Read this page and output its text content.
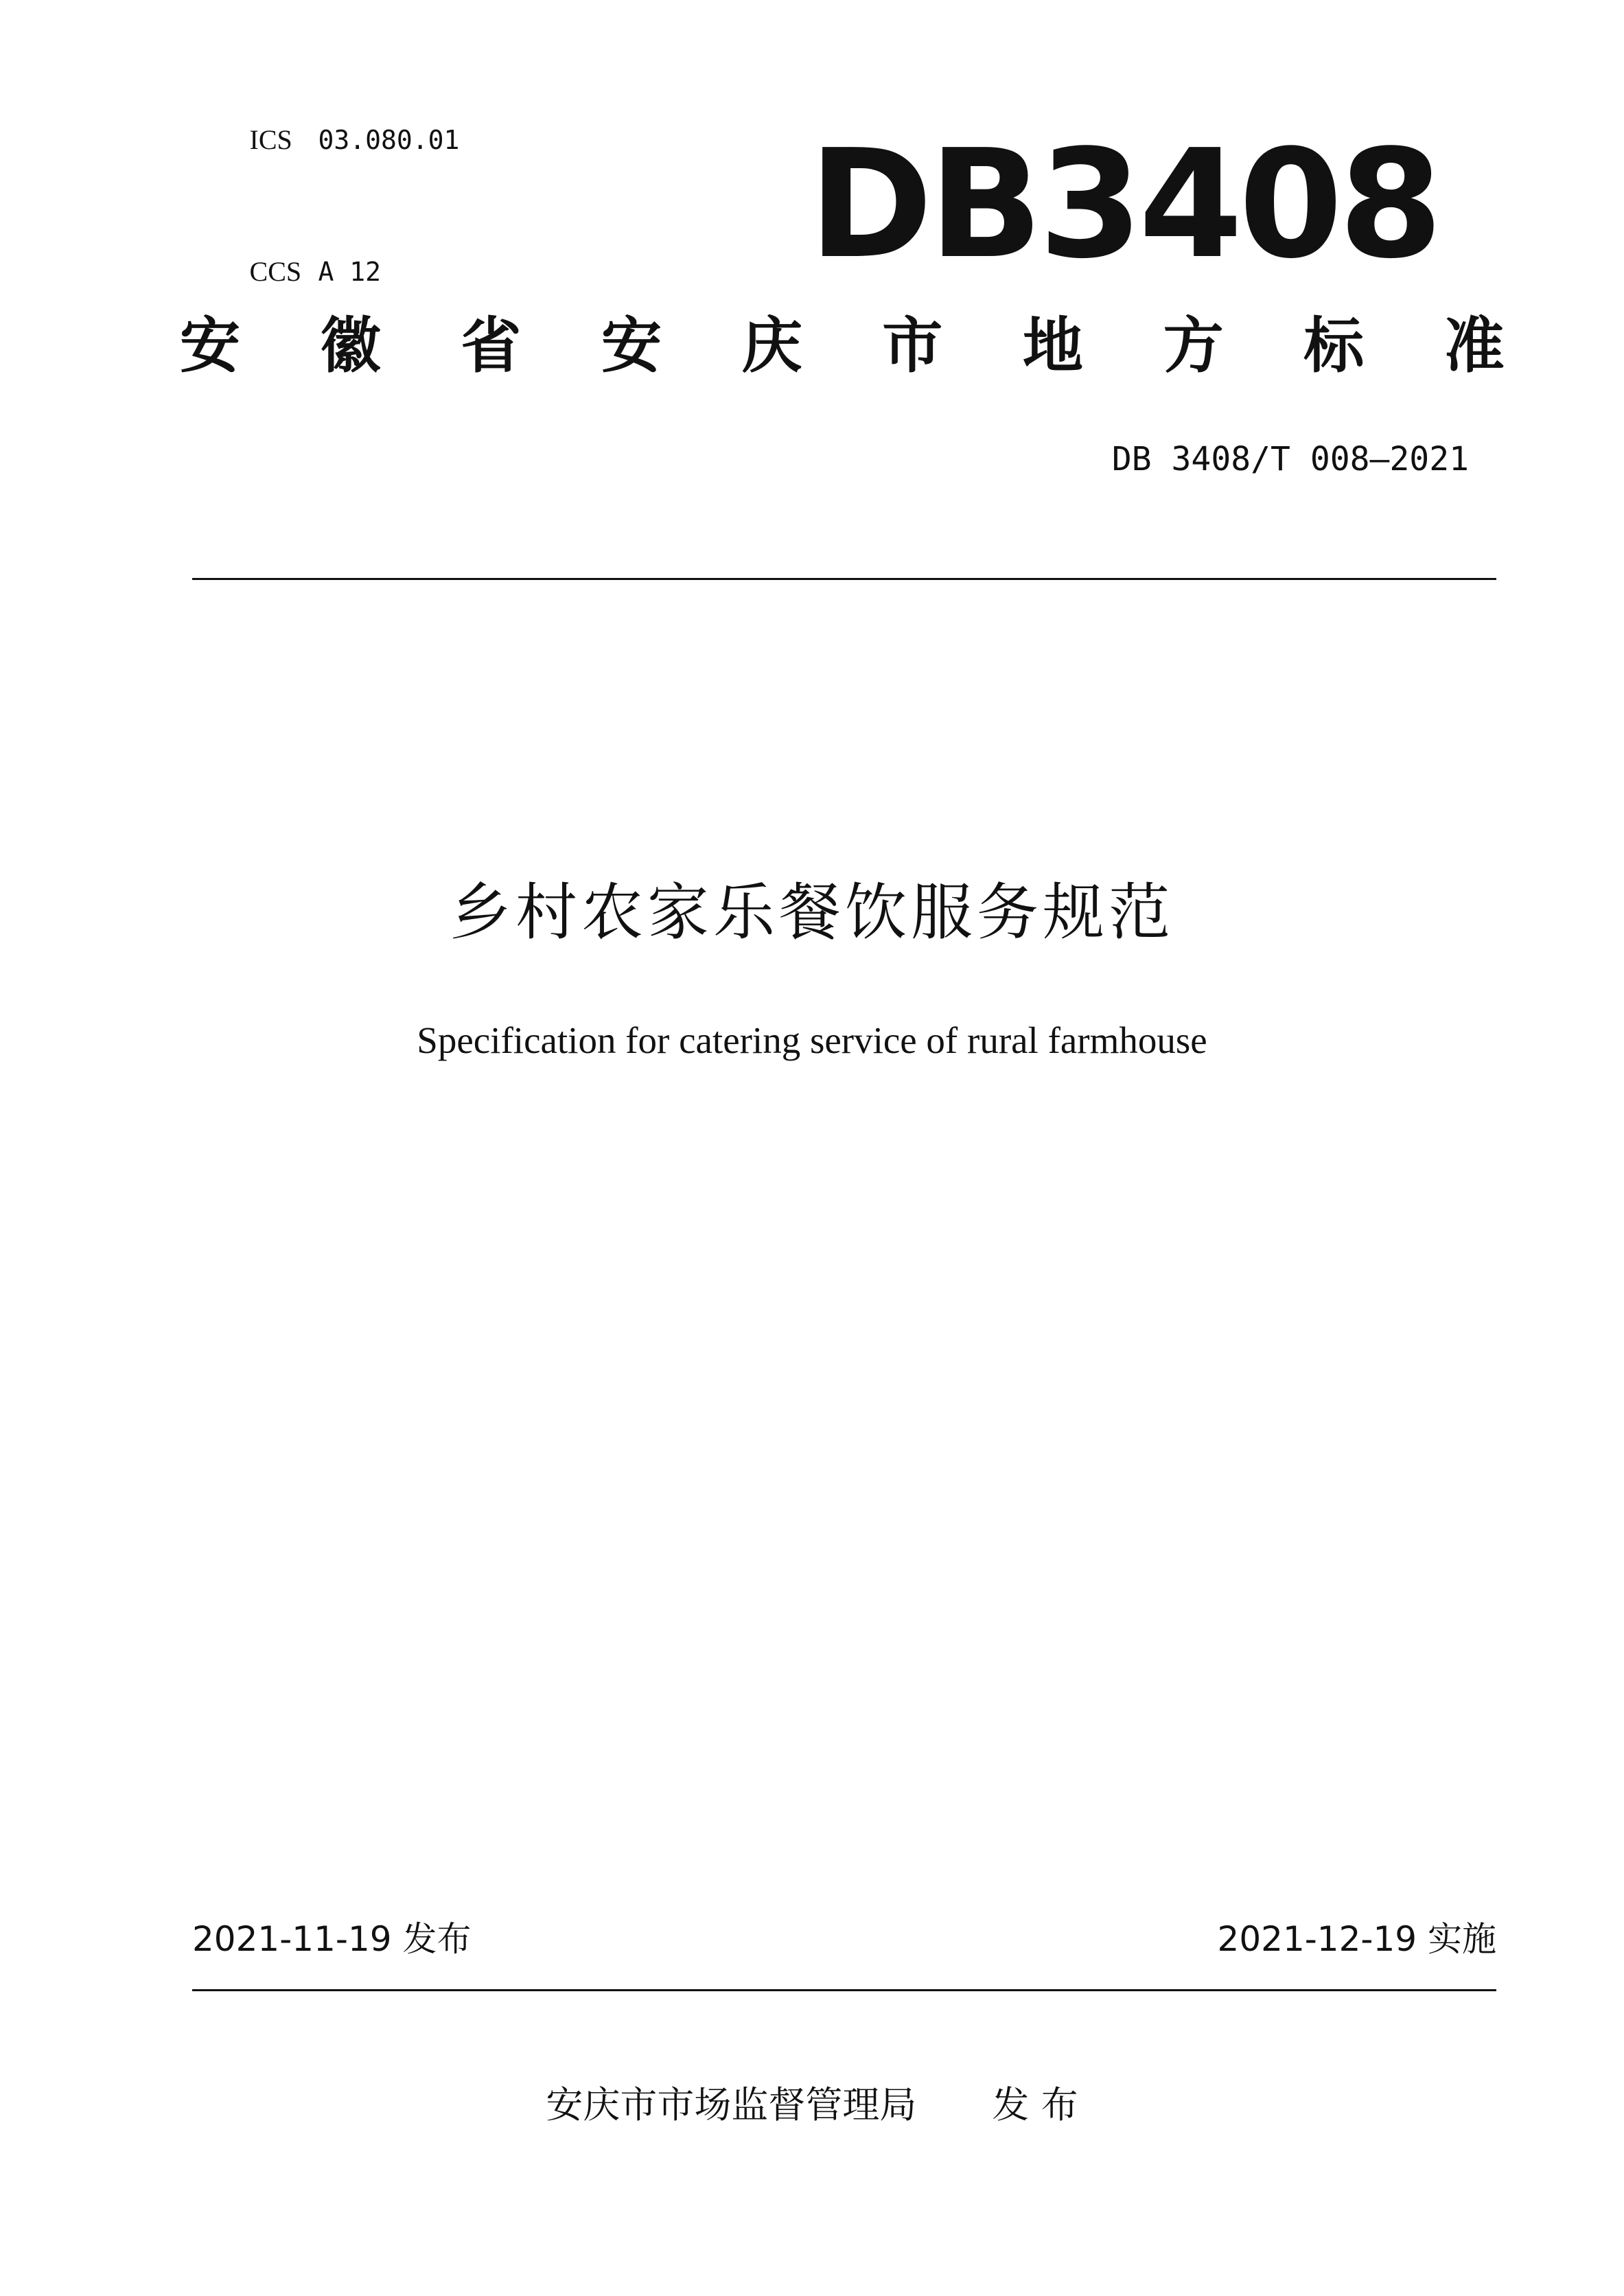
ICS 03.080.01

CCS A 12
	DB3408
安 徽 省 安 庆 市 地 方 标 准
DB 3408/T 008—2021
乡村农家乐餐饮服务规范
Specification for catering service of rural farmhouse
2021-11-19 发布	2021-12-19 实施
安庆市市场监督管理局 发 布
